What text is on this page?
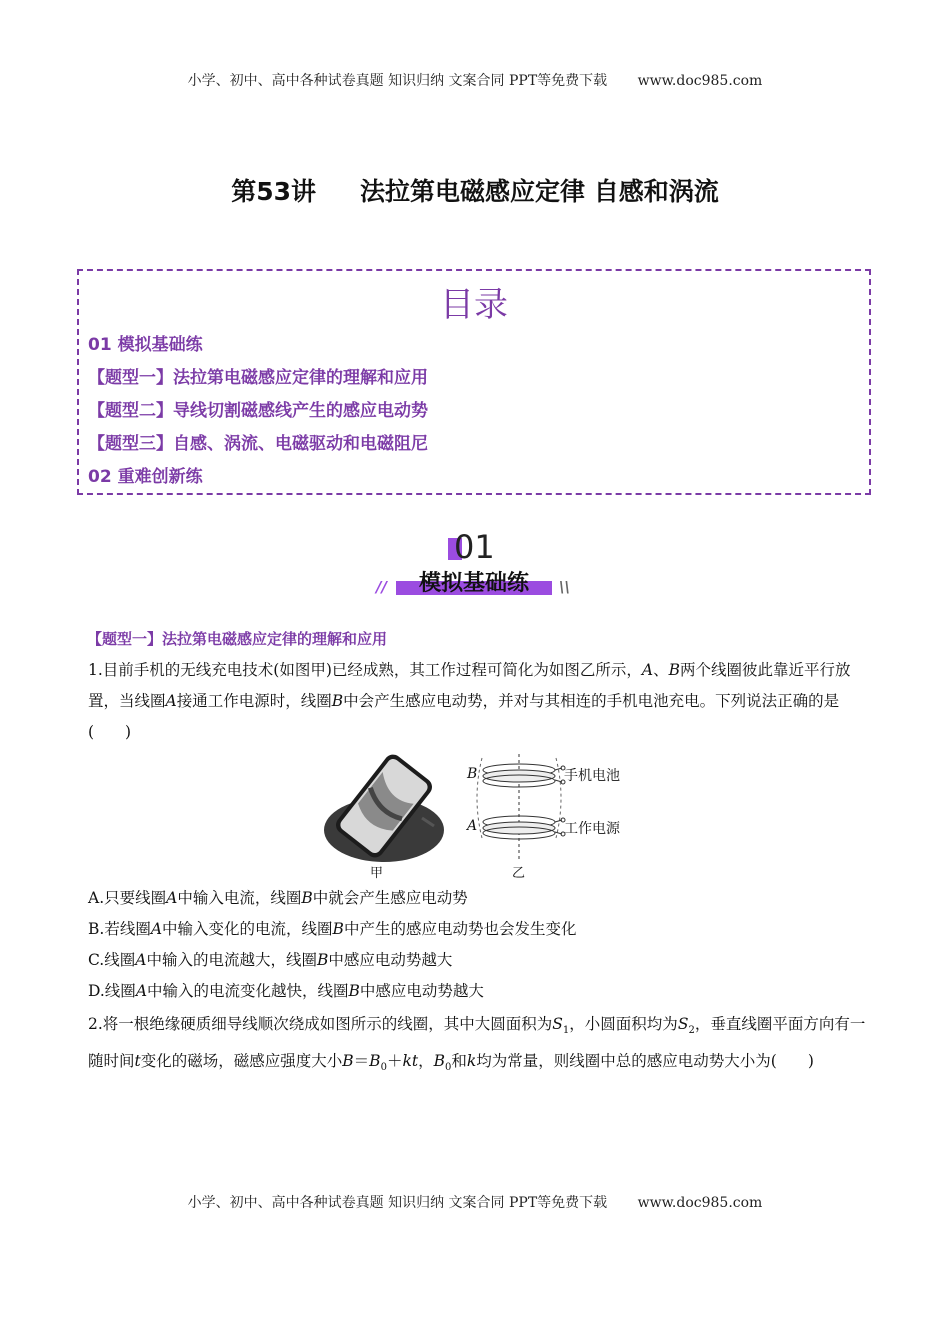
小学、初中、高中各种试卷真题 知识归纳 文案合同 PPT等免费下载 www.doc985.com
第53讲 法拉第电磁感应定律 自感和涡流
目录
01 模拟基础练
【题型一】法拉第电磁感应定律的理解和应用
【题型二】导线切割磁感线产生的感应电动势
【题型三】自感、涡流、电磁驱动和电磁阻尼
02 重难创新练
01
模拟基础练
//	\\
【题型一】法拉第电磁感应定律的理解和应用

1.目前手机的无线充电技术(如图甲)已经成熟，其工作过程可简化为如图乙所示，A、B两个线圈彼此靠近平行放置，当线圈A接通工作电源时，线圈B中会产生感应电动势，并对与其相连的手机电池充电。下列说法正确的是(　　)

甲	乙
B
A
手机电池
工作电源
A.只要线圈A中输入电流，线圈B中就会产生感应电动势
B.若线圈A中输入变化的电流，线圈B中产生的感应电动势也会发生变化
C.线圈A中输入的电流越大，线圈B中感应电动势越大
D.线圈A中输入的电流变化越快，线圈B中感应电动势越大

2.将一根绝缘硬质细导线顺次绕成如图所示的线圈，其中大圆面积为$S_1$，小圆面积均为$S_2$，垂直线圈平面方向有一随时间t变化的磁场，磁感应强度大小$B=B_0+kt$，$B_0$和k均为常量，则线圈中总的感应电动势大小为(　　)

小学、初中、高中各种试卷真题 知识归纳 文案合同 PPT等免费下载 www.doc985.com
